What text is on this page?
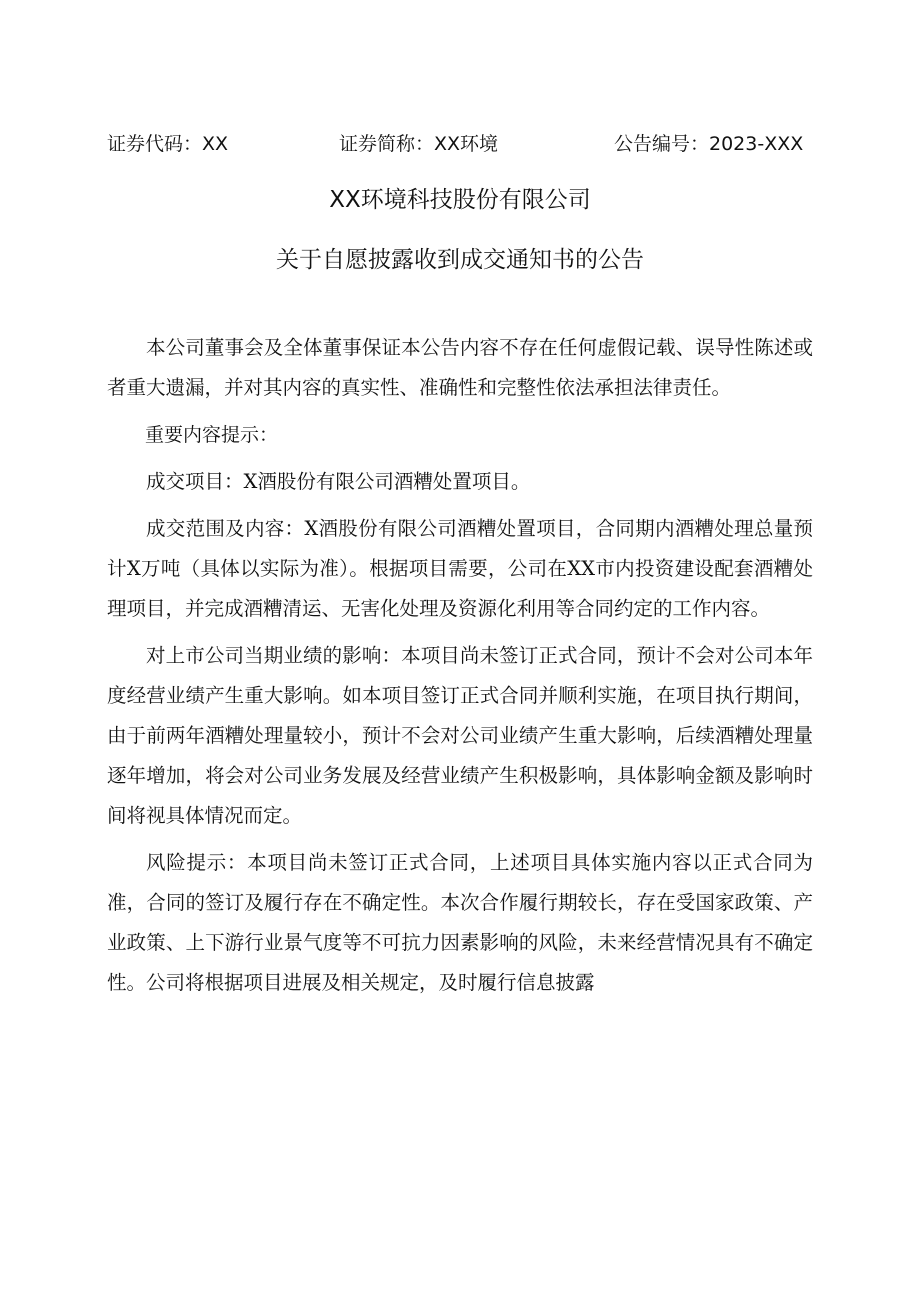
证券代码：XX	证券简称：XX环境	公告编号：2023-XXX
XX环境科技股份有限公司
关于自愿披露收到成交通知书的公告

本公司董事会及全体董事保证本公告内容不存在任何虚假记载、误导性陈述或者重大遗漏，并对其内容的真实性、准确性和完整性依法承担法律责任。

重要内容提示：

成交项目：X酒股份有限公司酒糟处置项目。

成交范围及内容：X酒股份有限公司酒糟处置项目，合同期内酒糟处理总量预计X万吨（具体以实际为准）。根据项目需要，公司在XX市内投资建设配套酒糟处理项目，并完成酒糟清运、无害化处理及资源化利用等合同约定的工作内容。

对上市公司当期业绩的影响：本项目尚未签订正式合同，预计不会对公司本年度经营业绩产生重大影响。如本项目签订正式合同并顺利实施，在项目执行期间，由于前两年酒糟处理量较小，预计不会对公司业绩产生重大影响，后续酒糟处理量逐年增加，将会对公司业务发展及经营业绩产生积极影响，具体影响金额及影响时间将视具体情况而定。

风险提示：本项目尚未签订正式合同，上述项目具体实施内容以正式合同为准，合同的签订及履行存在不确定性。本次合作履行期较长，存在受国家政策、产业政策、上下游行业景气度等不可抗力因素影响的风险，未来经营情况具有不确定性。公司将根据项目进展及相关规定，及时履行信息披露
